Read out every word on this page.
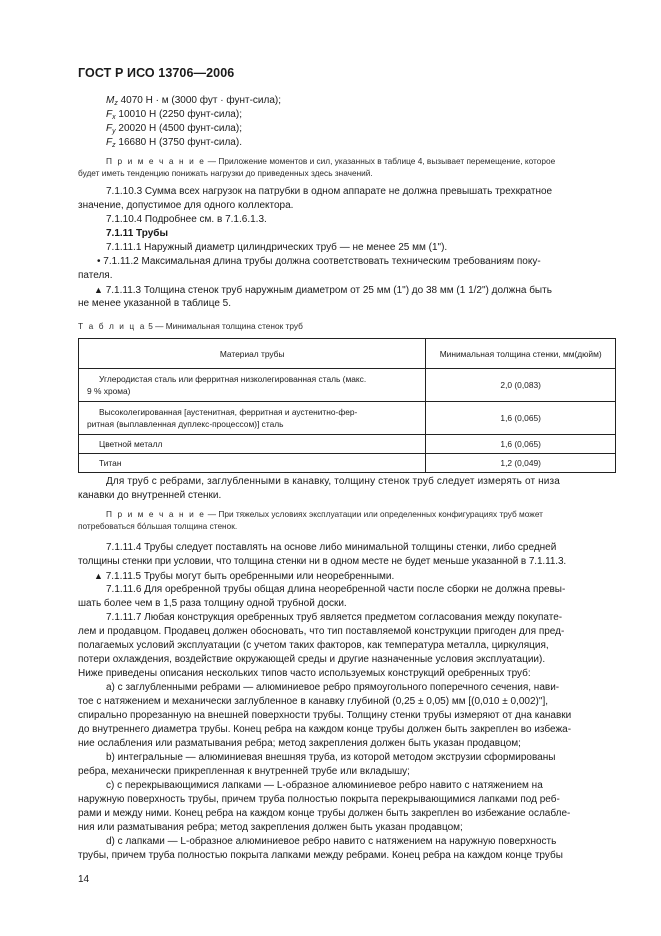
ГОСТ Р ИСО 13706—2006
$M_z$ 4070 Н · м (3000 фут · фунт-сила);
$F_x$ 10010 Н (2250 фунт-сила);
$F_y$ 20020 Н (4500 фунт-сила);
$F_z$ 16680 Н (3750 фунт-сила).
П р и м е ч а н и е — Приложение моментов и сил, указанных в таблице 4, вызывает перемещение, которое
будет иметь тенденцию понижать нагрузки до приведенных здесь значений.
7.1.10.3 Сумма всех нагрузок на патрубки в одном аппарате не должна превышать трехкратное
значение, допустимое для одного коллектора.
7.1.10.4 Подробнее см. в 7.1.6.1.3.
7.1.11 Трубы
7.1.11.1 Наружный диаметр цилиндрических труб — не менее 25 мм (1").
• 7.1.11.2 Максимальная длина трубы должна соответствовать техническим требованиям поку-
пателя.
▲ 7.1.11.3 Толщина стенок труб наружным диаметром от 25 мм (1") до 38 мм (1 1/2") должна быть
не менее указанной в таблице 5.
Т а б л и ц а 5 — Минимальная толщина стенок труб
Материал трубы	Минимальная толщина стенки, мм(дюйм)
Углеродистая сталь или ферритная низколегированная сталь (макс.
9 % хрома)	2,0 (0,083)
Высоколегированная [аустенитная, ферритная и аустенитно-фер-
ритная (выплавленная дуплекс-процессом)] сталь	1,6 (0,065)
Цветной металл	1,6 (0,065)
Титан	1,2 (0,049)
Для труб с ребрами, заглубленными в канавку, толщину стенок труб следует измерять от низа
канавки до внутренней стенки.
П р и м е ч а н и е — При тяжелых условиях эксплуатации или определенных конфигурациях труб может
потребоваться бо́льшая толщина стенок.
7.1.11.4 Трубы следует поставлять на основе либо минимальной толщины стенки, либо средней
толщины стенки при условии, что толщина стенки ни в одном месте не будет меньше указанной в 7.1.11.3.
▲ 7.1.11.5 Трубы могут быть оребренными или неоребренными.
7.1.11.6 Для оребренной трубы общая длина неоребренной части после сборки не должна превы-
шать более чем в 1,5 раза толщину одной трубной доски.
7.1.11.7 Любая конструкция оребренных труб является предметом согласования между покупате-
лем и продавцом. Продавец должен обосновать, что тип поставляемой конструкции пригоден для пред-
полагаемых условий эксплуатации (с учетом таких факторов, как температура металла, циркуляция,
потери охлаждения, воздействие окружающей среды и другие назначенные условия эксплуатации).
Ниже приведены описания нескольких типов часто используемых конструкций оребренных труб:
a) с заглубленными ребрами — алюминиевое ребро прямоугольного поперечного сечения, нави-
тое с натяжением и механически заглубленное в канавку глубиной (0,25 ± 0,05) мм [(0,010 ± 0,002)"],
спирально прорезанную на внешней поверхности трубы. Толщину стенки трубы измеряют от дна канавки
до внутреннего диаметра трубы. Конец ребра на каждом конце трубы должен быть закреплен во избежа-
ние ослабления или разматывания ребра; метод закрепления должен быть указан продавцом;
b) интегральные — алюминиевая внешняя труба, из которой методом экструзии сформированы
ребра, механически прикрепленная к внутренней трубе или вкладышу;
c) с перекрывающимися лапками — L-образное алюминиевое ребро навито с натяжением на
наружную поверхность трубы, причем труба полностью покрыта перекрывающимися лапками под реб-
рами и между ними. Конец ребра на каждом конце трубы должен быть закреплен во избежание ослабле-
ния или разматывания ребра; метод закрепления должен быть указан продавцом;
d) с лапками — L-образное алюминиевое ребро навито с натяжением на наружную поверхность
трубы, причем труба полностью покрыта лапками между ребрами. Конец ребра на каждом конце трубы
14
